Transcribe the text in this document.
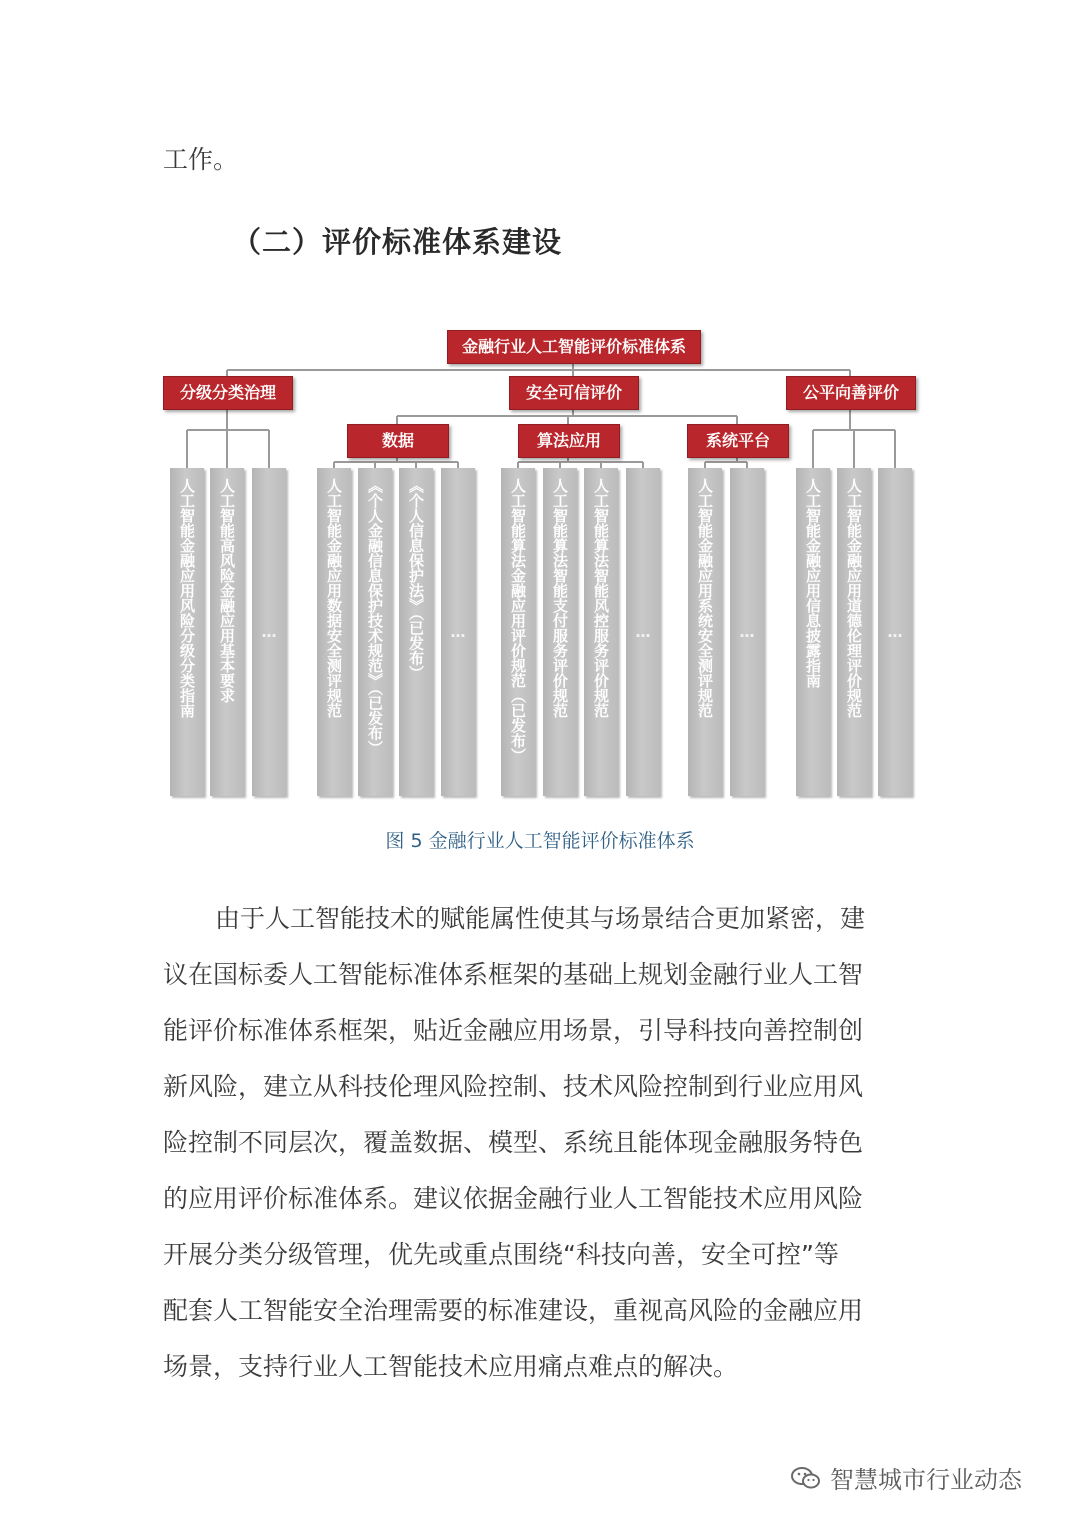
工作。
（二）评价标准体系建设
金融行业人工智能评价标准体系
分级分类治理	安全可信评价	公平向善评价
数据	算法应用	系统平台
人工智能金融应用风险分级分类指南	人工智能高风险金融应用基本要求	…	人工智能金融应用数据安全测评规范	《个人金融信息保护技术规范》（已发布）	《个人信息保护法》（已发布）	…	人工智能算法金融应用评价规范（已发布）	人工智能算法智能支付服务评价规范	人工智能算法智能风控服务评价规范	…	人工智能金融应用系统安全测评规范	…	人工智能金融应用信息披露指南	人工智能金融应用道德伦理评价规范	…
图 5 金融行业人工智能评价标准体系
由于人工智能技术的赋能属性使其与场景结合更加紧密，建
议在国标委人工智能标准体系框架的基础上规划金融行业人工智
能评价标准体系框架，贴近金融应用场景，引导科技向善控制创
新风险，建立从科技伦理风险控制、技术风险控制到行业应用风
险控制不同层次，覆盖数据、模型、系统且能体现金融服务特色
的应用评价标准体系。建议依据金融行业人工智能技术应用风险
开展分类分级管理，优先或重点围绕“科技向善，安全可控”等
配套人工智能安全治理需要的标准建设，重视高风险的金融应用
场景，支持行业人工智能技术应用痛点难点的解决。
智慧城市行业动态
